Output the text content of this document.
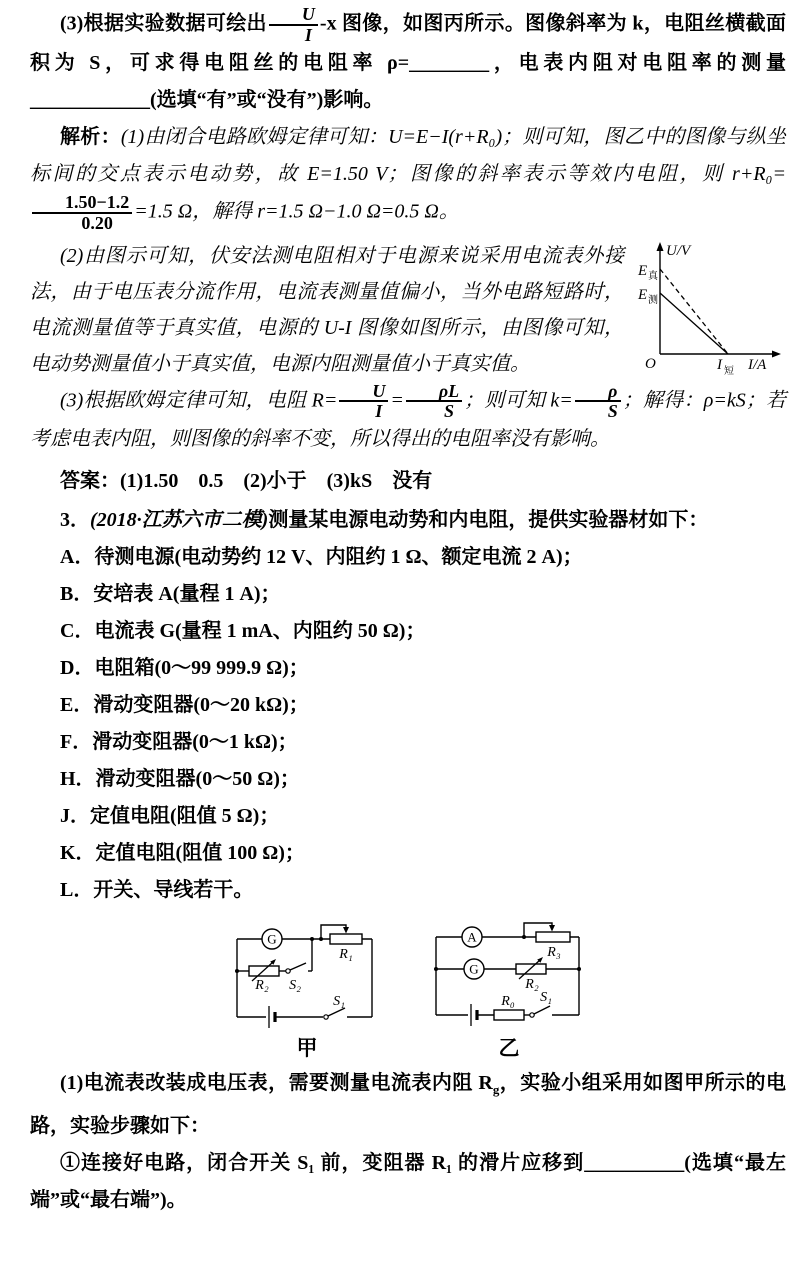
(3)根据实验数据可绘出 $\frac{U}{I} -x$ 图像，如图丙所示。图像斜率为 k，电阻丝横截面积为 S，可求得电阻丝的电阻率 ρ=________，电表内阻对电阻率的测量____________(选填“有”或“没有”)影响。

解析：(1)由闭合电路欧姆定律可知：U=E−I(r+R₀)；则可知，图乙中的图像与纵坐标间的交点表示电动势，故 E=1.50 V；图像的斜率表示等效内电阻，则 r+R₀=
$\frac{1.50-1.2}{0.20} =1.5$ Ω，解得 r=1.5 Ω−1.0 Ω=0.5 Ω。

U/V
I/A
O
E 真
E 测
I 短

(2)由图示可知，伏安法测电阻相对于电源来说采用电流表外接法，由于电压表分流作用，电流表测量值偏小，当外电路短路时，电流测量值等于真实值，电源的 U-I 图像如图所示，由图像可知，电动势测量值小于真实值，电源内阻测量值小于真实值。

(3)根据欧姆定律可知，电阻 $R= \frac{U}{I} = \frac{\rho L}{S}$ ；则可知 $k= \frac{\rho}{S}$ ；解得：ρ=kS；若考虑电表内阻，则图像的斜率不变，所以得出的电阻率没有影响。

答案：(1)1.50　0.5　(2)小于　(3)kS　没有

3．(2018·江苏六市二模)测量某电源电动势和内电阻，提供实验器材如下：

A．待测电源(电动势约 12 V、内阻约 1 Ω、额定电流 2 A)；
B．安培表 A(量程 1 A)；
C．电流表 G(量程 1 mA、内阻约 50 Ω)；
D．电阻箱(0～99 999.9 Ω)；
E．滑动变阻器(0～20 kΩ)；
F．滑动变阻器(0～1 kΩ)；
H．滑动变阻器(0～50 Ω)；
J．定值电阻(阻值 5 Ω)；
K．定值电阻(阻值 100 Ω)；
L．开关、导线若干。
G
R₁
R₂ S₂
S₁
甲
A
G
R₃
R₂
R₀ S₁
乙

(1)电流表改装成电压表，需要测量电流表内阻 $R_g$，实验小组采用如图甲所示的电路，实验步骤如下：

①连接好电路，闭合开关 S₁ 前，变阻器 R₁ 的滑片应移到__________(选填“最左端”或“最右端”)。
